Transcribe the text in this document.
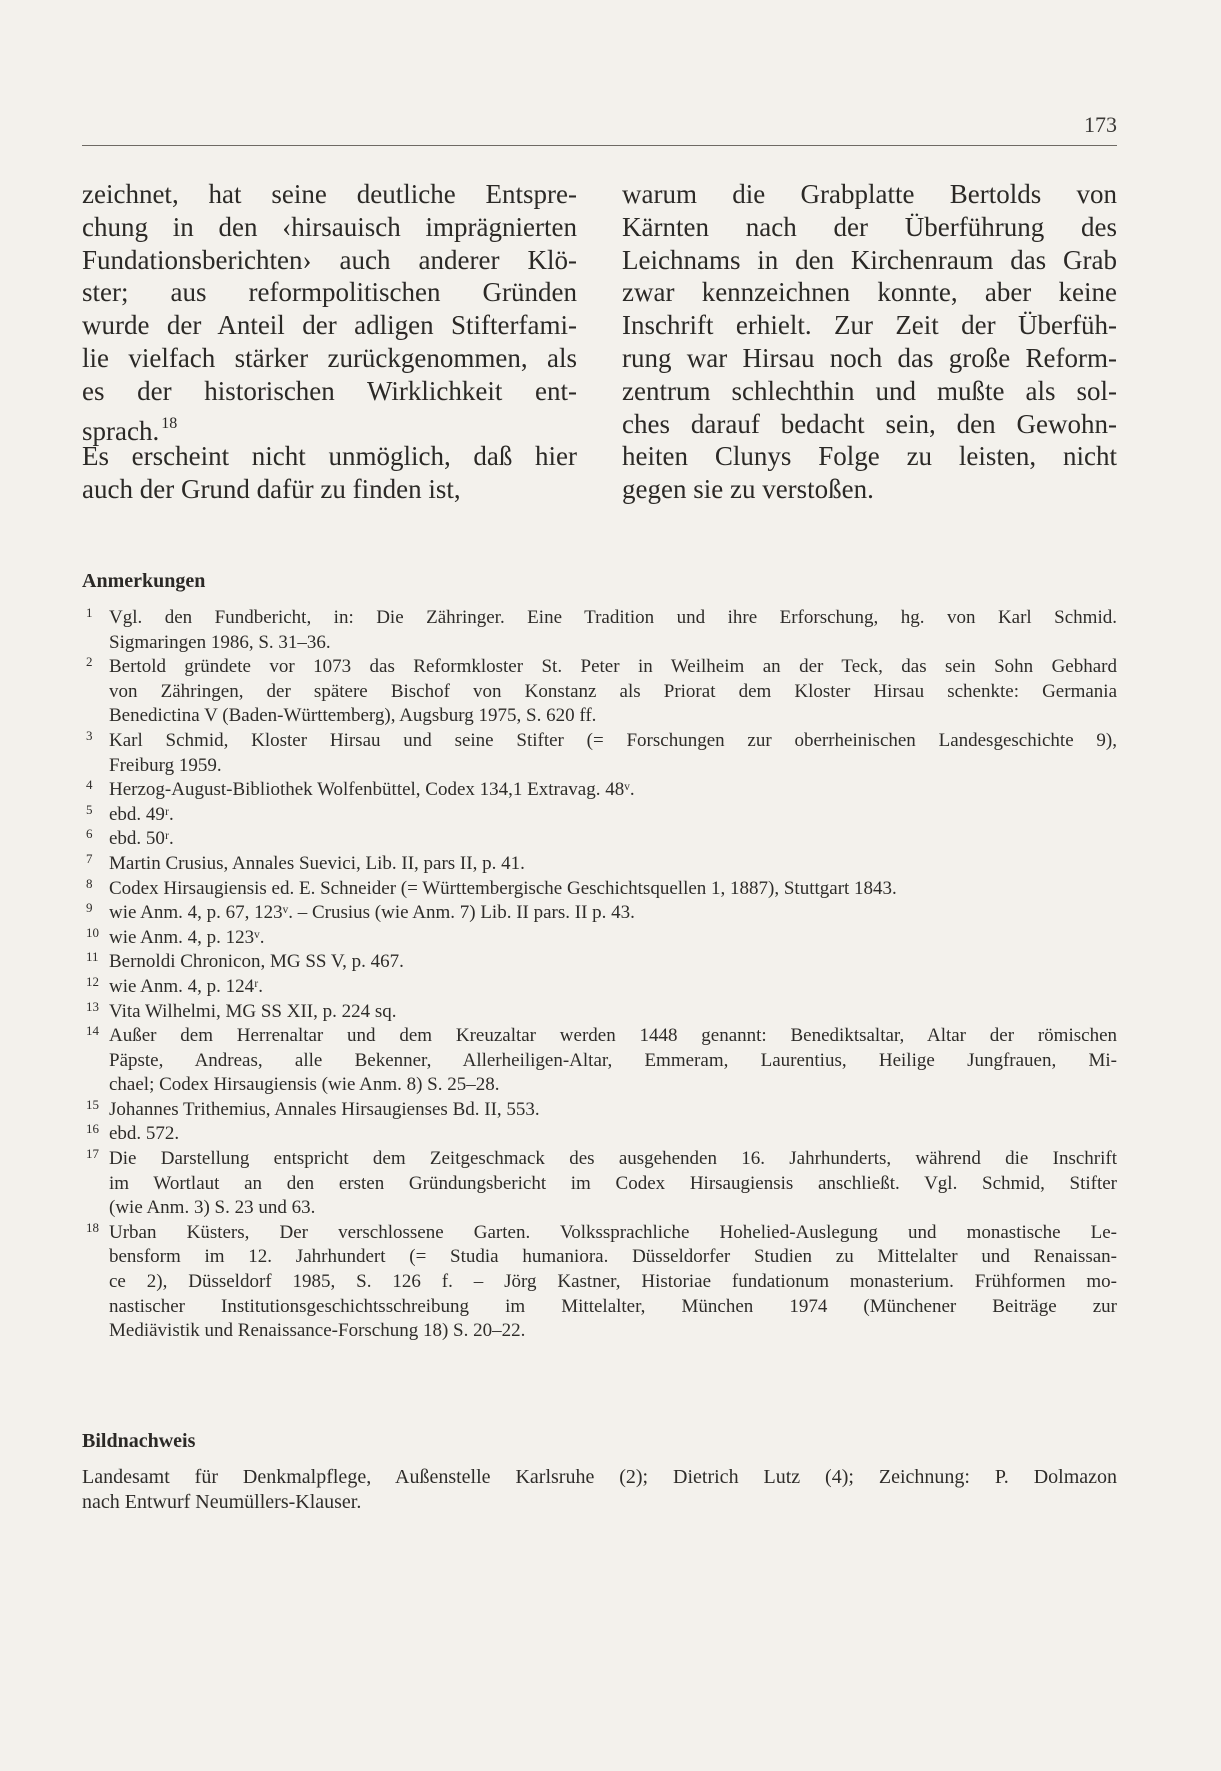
173
zeichnet, hat seine deutliche Entspre-
chung in den ‹hirsauisch imprägnierten
Fundationsberichten› auch anderer Klö-
ster; aus reformpolitischen Gründen
wurde der Anteil der adligen Stifterfami-
lie vielfach stärker zurückgenommen, als
es der historischen Wirklichkeit ent-
sprach. $^{18}$
Es erscheint nicht unmöglich, daß hier
auch der Grund dafür zu finden ist,
warum die Grabplatte Bertolds von
Kärnten nach der Überführung des
Leichnams in den Kirchenraum das Grab
zwar kennzeichnen konnte, aber keine
Inschrift erhielt. Zur Zeit der Überfüh-
rung war Hirsau noch das große Reform-
zentrum schlechthin und mußte als sol-
ches darauf bedacht sein, den Gewohn-
heiten Clunys Folge zu leisten, nicht
gegen sie zu verstoßen.
Anmerkungen
1 Vgl. den Fundbericht, in: Die Zähringer. Eine Tradition und ihre Erforschung, hg. von Karl Schmid.
Sigmaringen 1986, S. 31–36.
2 Bertold gründete vor 1073 das Reformkloster St. Peter in Weilheim an der Teck, das sein Sohn Gebhard
von Zähringen, der spätere Bischof von Konstanz als Priorat dem Kloster Hirsau schenkte: Germania
Benedictina V (Baden-Württemberg), Augsburg 1975, S. 620 ff.
3 Karl Schmid, Kloster Hirsau und seine Stifter (= Forschungen zur oberrheinischen Landesgeschichte 9),
Freiburg 1959.
4 Herzog-August-Bibliothek Wolfenbüttel, Codex 134,1 Extravag. 48ᵛ.
5 ebd. 49ʳ.
6 ebd. 50ʳ.
7 Martin Crusius, Annales Suevici, Lib. II, pars II, p. 41.
8 Codex Hirsaugiensis ed. E. Schneider (= Württembergische Geschichtsquellen 1, 1887), Stuttgart 1843.
9 wie Anm. 4, p. 67, 123ᵛ. – Crusius (wie Anm. 7) Lib. II pars. II p. 43.
10 wie Anm. 4, p. 123ᵛ.
11 Bernoldi Chronicon, MG SS V, p. 467.
12 wie Anm. 4, p. 124ʳ.
13 Vita Wilhelmi, MG SS XII, p. 224 sq.
14 Außer dem Herrenaltar und dem Kreuzaltar werden 1448 genannt: Benediktsaltar, Altar der römischen
Päpste, Andreas, alle Bekenner, Allerheiligen-Altar, Emmeram, Laurentius, Heilige Jungfrauen, Mi-
chael; Codex Hirsaugiensis (wie Anm. 8) S. 25–28.
15 Johannes Trithemius, Annales Hirsaugienses Bd. II, 553.
16 ebd. 572.
17 Die Darstellung entspricht dem Zeitgeschmack des ausgehenden 16. Jahrhunderts, während die Inschrift
im Wortlaut an den ersten Gründungsbericht im Codex Hirsaugiensis anschließt. Vgl. Schmid, Stifter
(wie Anm. 3) S. 23 und 63.
18 Urban Küsters, Der verschlossene Garten. Volkssprachliche Hohelied-Auslegung und monastische Le-
bensform im 12. Jahrhundert (= Studia humaniora. Düsseldorfer Studien zu Mittelalter und Renaissan-
ce 2), Düsseldorf 1985, S. 126 f. – Jörg Kastner, Historiae fundationum monasterium. Frühformen mo-
nastischer Institutionsgeschichtsschreibung im Mittelalter, München 1974 (Münchener Beiträge zur
Mediävistik und Renaissance-Forschung 18) S. 20–22.
Bildnachweis
Landesamt für Denkmalpflege, Außenstelle Karlsruhe (2); Dietrich Lutz (4); Zeichnung: P. Dolmazon
nach Entwurf Neumüllers-Klauser.
